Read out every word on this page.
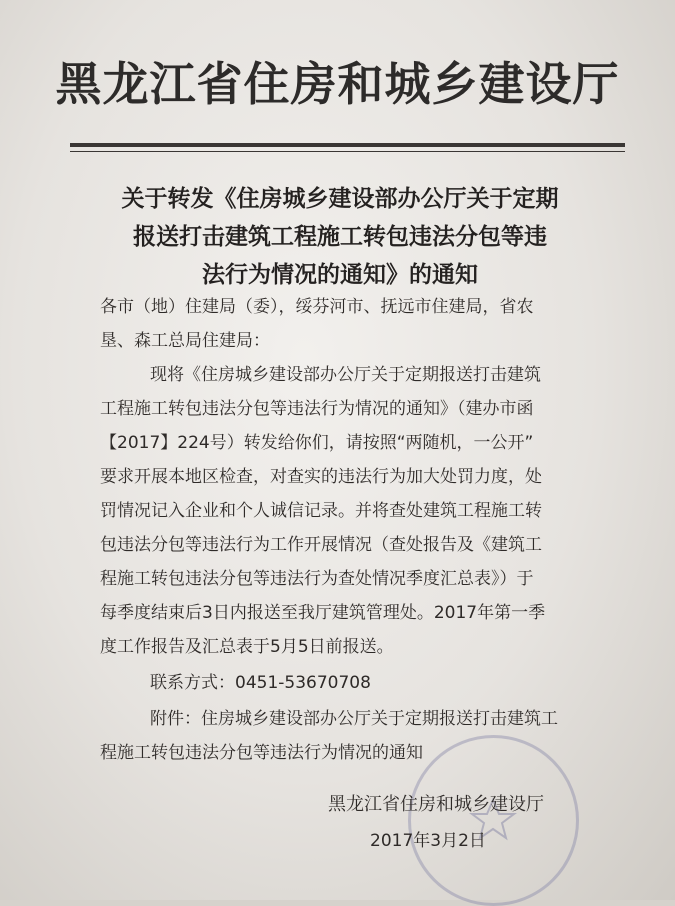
黑龙江省住房和城乡建设厅
关于转发《住房城乡建设部办公厅关于定期
报送打击建筑工程施工转包违法分包等违
法行为情况的通知》的通知
各市（地）住建局（委），绥芬河市、抚远市住建局，省农
垦、森工总局住建局：
现将《住房城乡建设部办公厅关于定期报送打击建筑
工程施工转包违法分包等违法行为情况的通知》（建办市函
【2017】224号）转发给你们，请按照“两随机，一公开”
要求开展本地区检查，对查实的违法行为加大处罚力度，处
罚情况记入企业和个人诚信记录。并将查处建筑工程施工转
包违法分包等违法行为工作开展情况（查处报告及《建筑工
程施工转包违法分包等违法行为查处情况季度汇总表》）于
每季度结束后3日内报送至我厅建筑管理处。2017年第一季
度工作报告及汇总表于5月5日前报送。
联系方式：0451-53670708
附件：住房城乡建设部办公厅关于定期报送打击建筑工
程施工转包违法分包等违法行为情况的通知
黑龙江省住房和城乡建设厅
2017年3月2日
